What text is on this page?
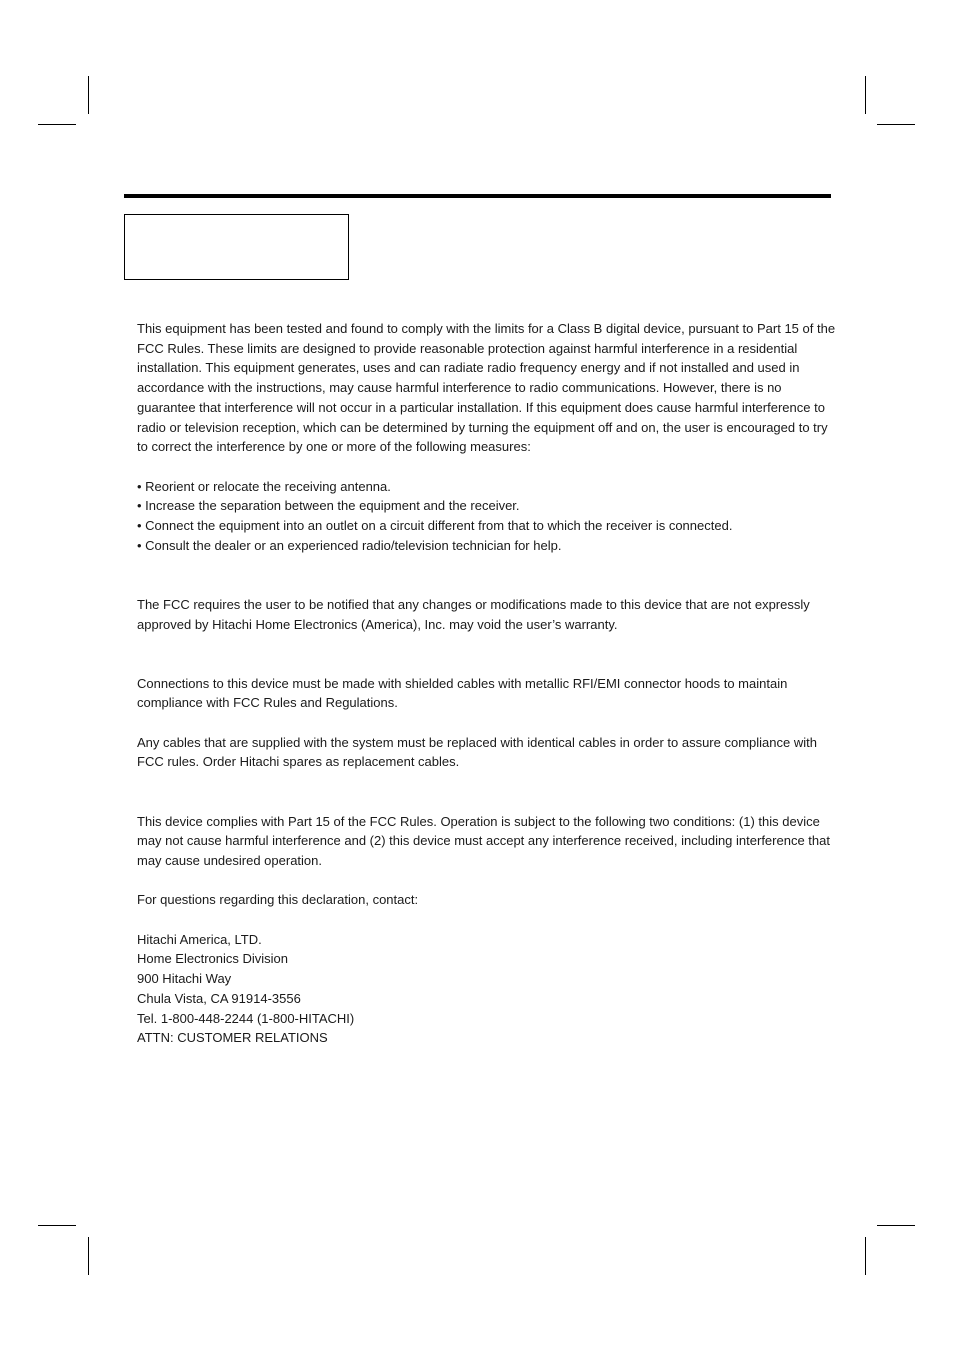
This equipment has been tested and found to comply with the limits for a Class B digital device, pursuant to Part 15 of the FCC Rules. These limits are designed to provide reasonable protection against harmful interference in a residential installation. This equipment generates, uses and can radiate radio frequency energy and if not installed and used in accordance with the instructions, may cause harmful interference to radio communications. However, there is no guarantee that interference will not occur in a particular installation. If this equipment does cause harmful interference to radio or television reception, which can be determined by turning the equipment off and on, the user is encouraged to try to correct the interference by one or more of the following measures:

• Reorient or relocate the receiving antenna.
• Increase the separation between the equipment and the receiver.
• Connect the equipment into an outlet on a circuit different from that to which the receiver is connected.
• Consult the dealer or an experienced radio/television technician for help.

The FCC requires the user to be notified that any changes or modifications made to this device that are not expressly approved by Hitachi Home Electronics (America), Inc. may void the user’s warranty.

Connections to this device must be made with shielded cables with metallic RFI/EMI connector hoods to maintain compliance with FCC Rules and Regulations.

Any cables that are supplied with the system must be replaced with identical cables in order to assure compliance with FCC rules. Order Hitachi spares as replacement cables.

This device complies with Part 15 of the FCC Rules. Operation is subject to the following two conditions: (1) this device may not cause harmful interference and (2) this device must accept any interference received, including interference that may cause undesired operation.

For questions regarding this declaration, contact:

Hitachi America, LTD.

Home Electronics Division

900 Hitachi Way

Chula Vista, CA 91914-3556

Tel. 1-800-448-2244 (1-800-HITACHI)

ATTN: CUSTOMER RELATIONS
